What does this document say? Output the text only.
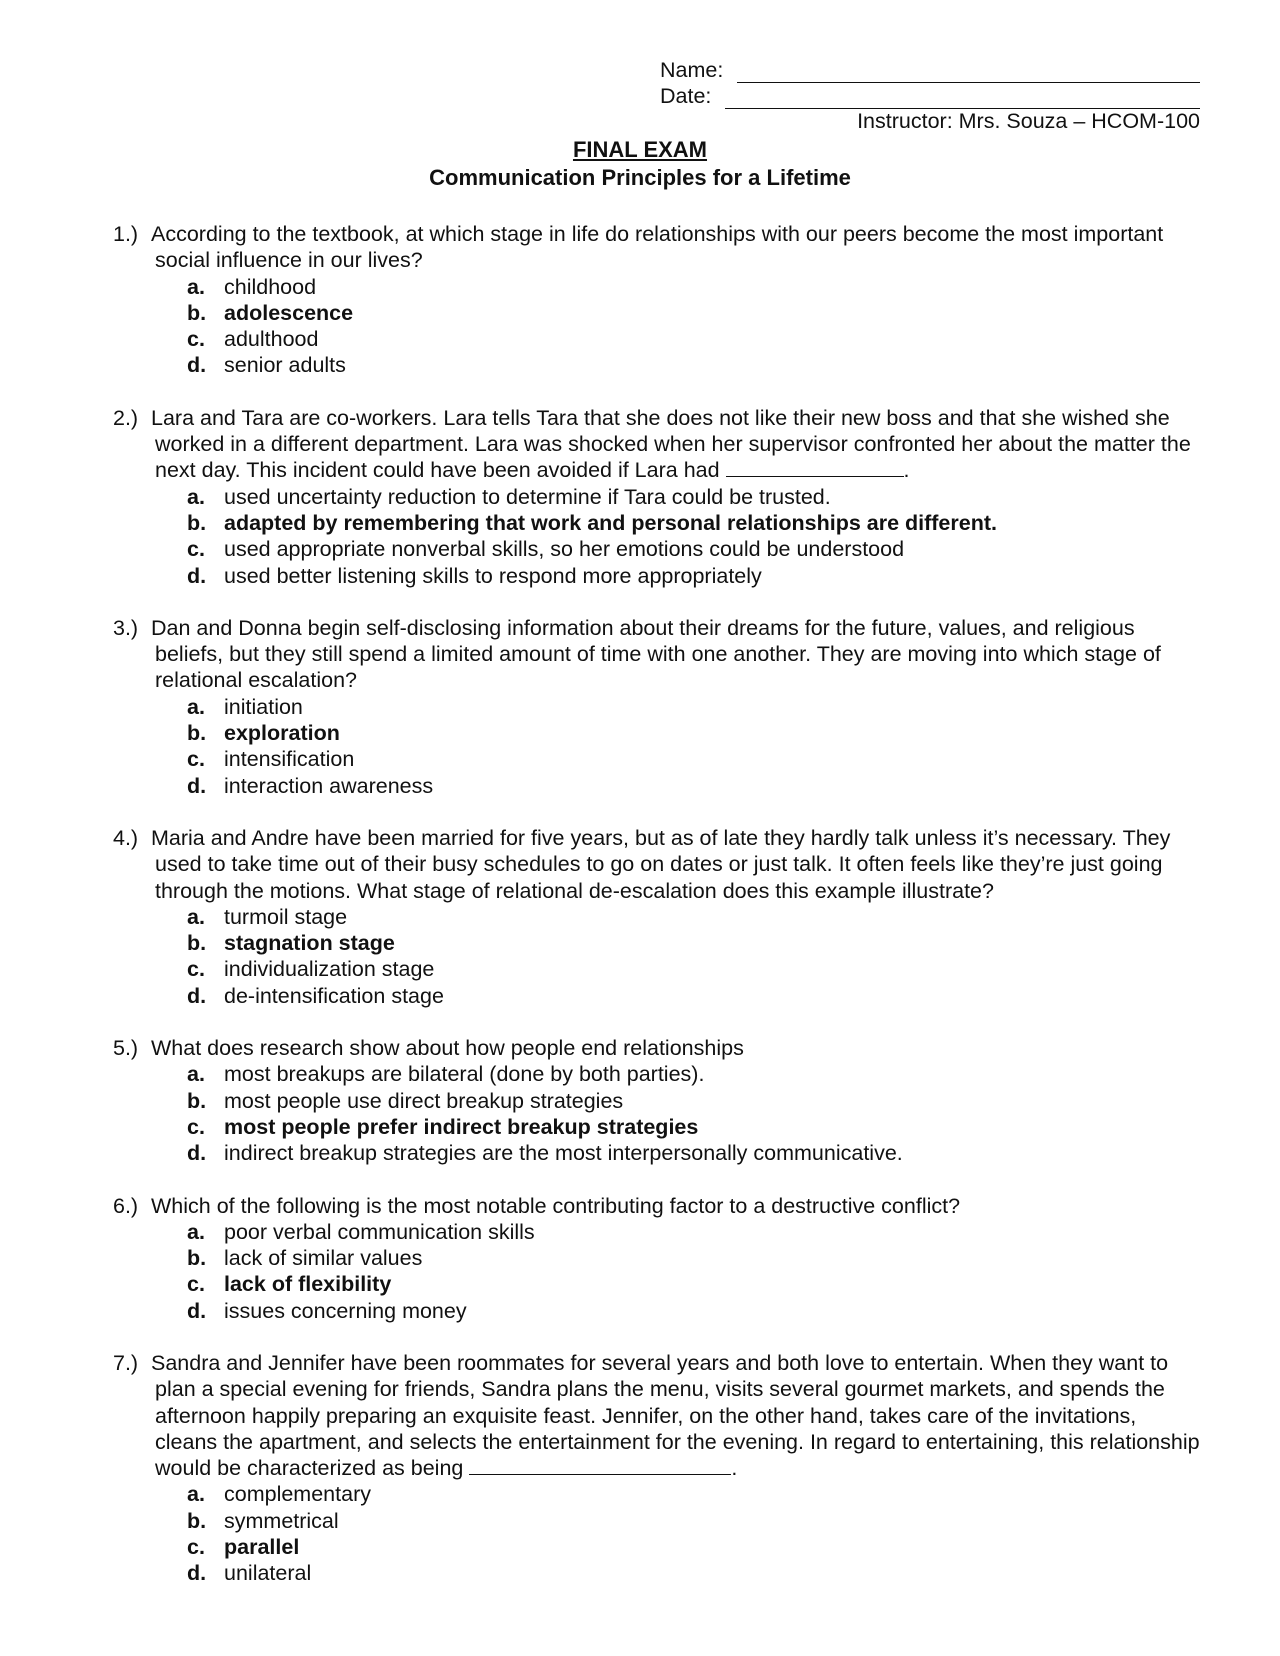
Name:
Date:
Instructor: Mrs. Souza – HCOM-100
FINAL EXAM
Communication Principles for a Lifetime
1.) According to the textbook, at which stage in life do relationships with our peers become the most important social influence in our lives?
a. childhood
b. adolescence
c. adulthood
d. senior adults
2.) Lara and Tara are co-workers. Lara tells Tara that she does not like their new boss and that she wished she worked in a different department. Lara was shocked when her supervisor confronted her about the matter the next day. This incident could have been avoided if Lara had	.
a. used uncertainty reduction to determine if Tara could be trusted.
b. adapted by remembering that work and personal relationships are different.
c. used appropriate nonverbal skills, so her emotions could be understood
d. used better listening skills to respond more appropriately
3.) Dan and Donna begin self-disclosing information about their dreams for the future, values, and religious beliefs, but they still spend a limited amount of time with one another. They are moving into which stage of relational escalation?
a. initiation
b. exploration
c. intensification
d. interaction awareness
4.) Maria and Andre have been married for five years, but as of late they hardly talk unless it’s necessary. They used to take time out of their busy schedules to go on dates or just talk. It often feels like they’re just going through the motions. What stage of relational de-escalation does this example illustrate?
a. turmoil stage
b. stagnation stage
c. individualization stage
d. de-intensification stage
5.) What does research show about how people end relationships
a. most breakups are bilateral (done by both parties).
b. most people use direct breakup strategies
c. most people prefer indirect breakup strategies
d. indirect breakup strategies are the most interpersonally communicative.
6.) Which of the following is the most notable contributing factor to a destructive conflict?
a. poor verbal communication skills
b. lack of similar values
c. lack of flexibility
d. issues concerning money
7.) Sandra and Jennifer have been roommates for several years and both love to entertain. When they want to plan a special evening for friends, Sandra plans the menu, visits several gourmet markets, and spends the afternoon happily preparing an exquisite feast. Jennifer, on the other hand, takes care of the invitations, cleans the apartment, and selects the entertainment for the evening. In regard to entertaining, this relationship would be characterized as being	.
a. complementary
b. symmetrical
c. parallel
d. unilateral
